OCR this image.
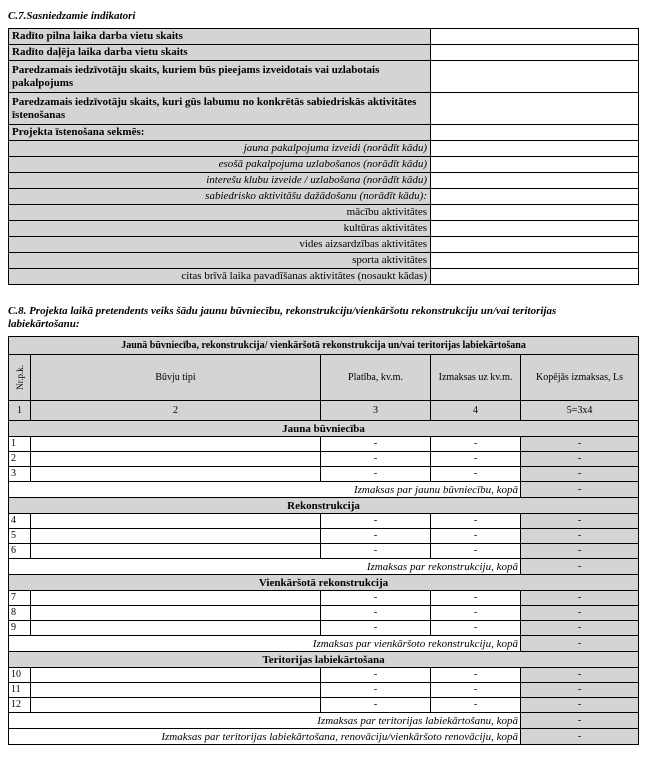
C.7.Sasniedzamie indikatori
Radīto pilna laika darba vietu skaits	
Radīto daļēja laika darba vietu skaits	
Paredzamais iedzīvotāju skaits, kuriem būs pieejams izveidotais vai uzlabotais pakalpojums	
Paredzamais iedzīvotāju skaits, kuri gūs labumu no konkrētās sabiedriskās aktivitātes īstenošanas	
Projekta īstenošana sekmēs:	
jauna pakalpojuma izveidi (norādīt kādu)	
esošā pakalpojuma uzlabošanos (norādīt kādu)	
interešu klubu izveide / uzlabošana (norādīt kādu)	
sabiedrisko aktivitāšu dažādošanu (norādīt kādu):	
mācību aktivitātes	
kultūras aktivitātes	
vides aizsardzības aktivitātes	
sporta aktivitātes	
citas brīvā laika pavadīšanas aktivitātes (nosaukt kādas)	
C.8. Projekta laikā pretendents veiks šādu jaunu būvniecību, rekonstrukciju/vienkāršotu rekonstrukciju un/vai teritorijas
labiekārtošanu:
Jaunā būvniecība, rekonstrukcija/ vienkāršotā rekonstrukcija un/vai teritorijas labiekārtošana				

Nr.p.k.	Būvju tipi	Platība, kv.m.	Izmaksas uz kv.m.	Kopējās izmaksas, Ls
1	2	3	4	5=3x4
Jauna būvniecība				
1		-	-	-
2		-	-	-
3		-	-	-
Izmaksas par jaunu būvniecību, kopā				-
Rekonstrukcija				
4		-	-	-
5		-	-	-
6		-	-	-
Izmaksas par rekonstrukciju, kopā				-
Vienkāršotā rekonstrukcija				
7		-	-	-
8		-	-	-
9		-	-	-
Izmaksas par vienkāršoto rekonstrukciju, kopā				-
Teritorijas labiekārtošana				
10		-	-	-
11		-	-	-
12		-	-	-
Izmaksas par teritorijas labiekārtošanu, kopā				-
Izmaksas par teritorijas labiekārtošana, renovāciju/vienkāršoto renovāciju, kopā				-
